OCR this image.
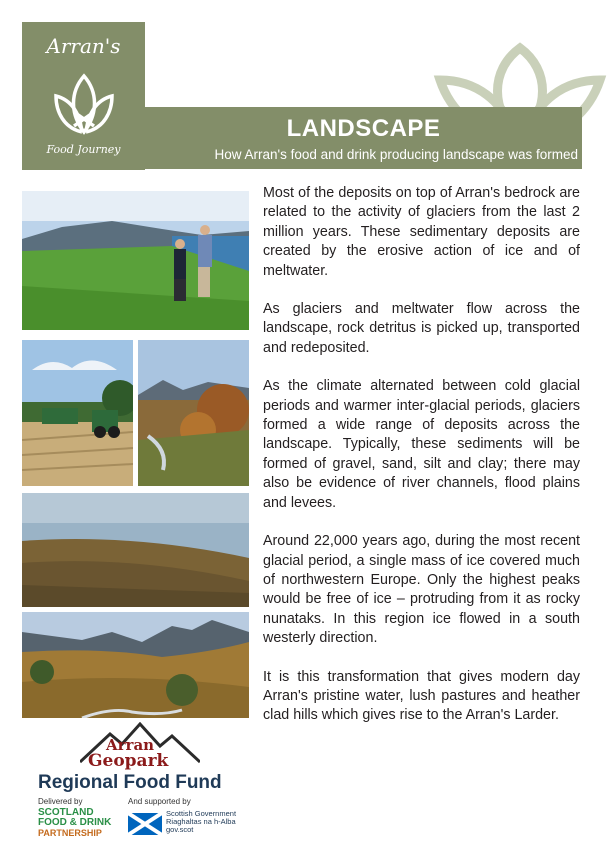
Arran's
Food Journey
LANDSCAPE
How Arran's food and drink producing landscape was formed

Most of the deposits on top of Arran's bedrock are related to the activity of glaciers from the last 2 million years. These sedimentary deposits are created by the erosive action of ice and of meltwater.

As glaciers and meltwater flow across the landscape, rock detritus is picked up, transported and redeposited.

As the climate alternated between cold glacial periods and warmer inter-glacial periods, glaciers formed a wide range of deposits across the landscape. Typically, these sediments will be formed of gravel, sand, silt and clay; there may also be evidence of river channels, flood plains and levees.

Around 22,000 years ago, during the most recent glacial period, a single mass of ice covered much of northwestern Europe. Only the highest peaks would be free of ice – protruding from it as rocky nunataks. In this region ice flowed in a south westerly direction.

It is this transformation that gives modern day Arran's pristine water, lush pastures and heather clad hills which gives rise to the Arran's Larder.

Arran
Geopark
Regional Food Fund
Delivered by	And supported by
SCOTLAND
FOOD & DRINK
PARTNERSHIP
Scottish Government
Riaghaltas na h-Alba
gov.scot
